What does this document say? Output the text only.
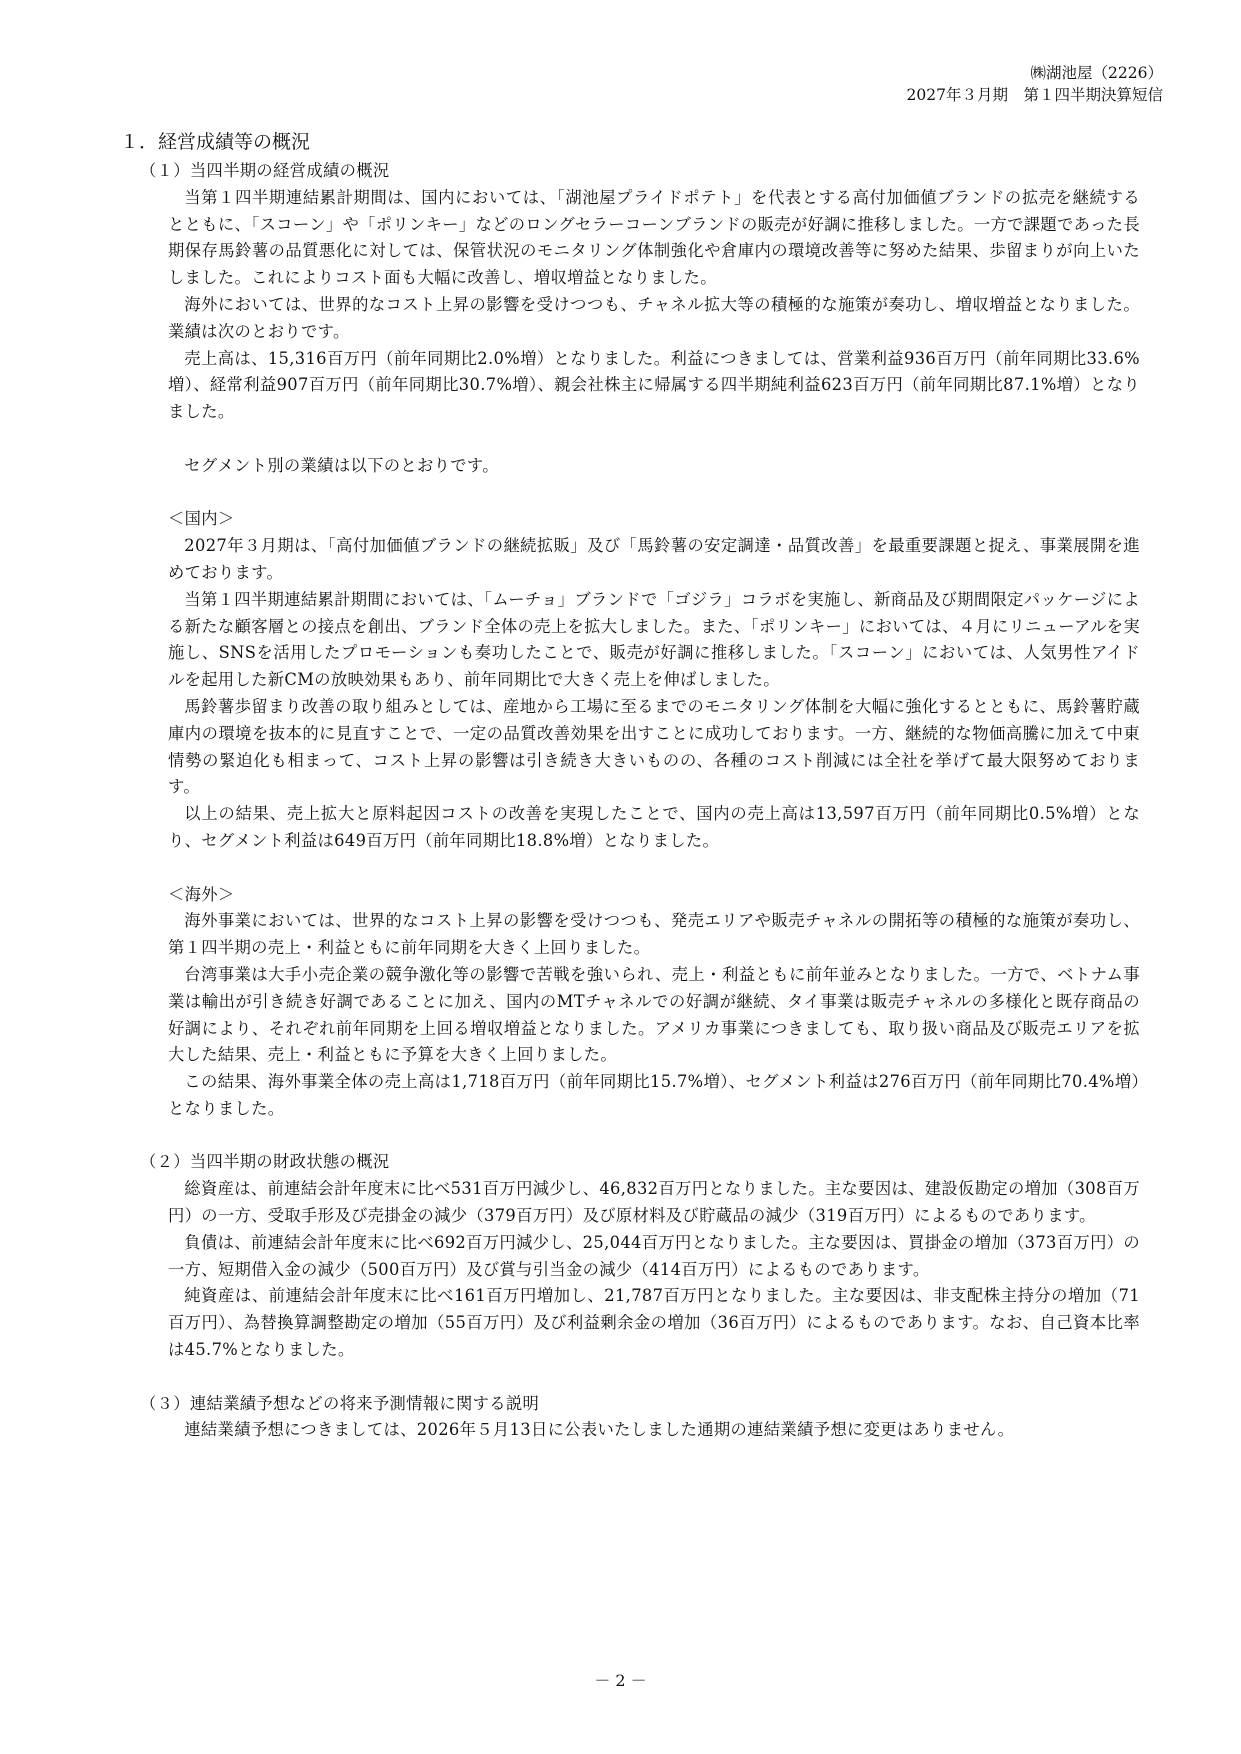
㈱湖池屋（2226）
2027年３月期　第１四半期決算短信
１．経営成績等の概況
（１）当四半期の経営成績の概況

当第１四半期連結累計期間は、国内においては、「湖池屋プライドポテト」を代表とする高付加価値ブランドの拡売を継続するとともに、「スコーン」や「ポリンキー」などのロングセラーコーンブランドの販売が好調に推移しました。一方で課題であった長期保存馬鈴薯の品質悪化に対しては、保管状況のモニタリング体制強化や倉庫内の環境改善等に努めた結果、歩留まりが向上いたしました。これによりコスト面も大幅に改善し、増収増益となりました。

海外においては、世界的なコスト上昇の影響を受けつつも、チャネル拡大等の積極的な施策が奏功し、増収増益となりました。業績は次のとおりです。

売上高は、15,316百万円（前年同期比2.0%増）となりました。利益につきましては、営業利益936百万円（前年同期比33.6%増）、経常利益907百万円（前年同期比30.7%増）、親会社株主に帰属する四半期純利益623百万円（前年同期比87.1%増）となりました。

セグメント別の業績は以下のとおりです。

＜国内＞

2027年３月期は、「高付加価値ブランドの継続拡販」及び「馬鈴薯の安定調達・品質改善」を最重要課題と捉え、事業展開を進めております。

当第１四半期連結累計期間においては、「ムーチョ」ブランドで「ゴジラ」コラボを実施し、新商品及び期間限定パッケージによる新たな顧客層との接点を創出、ブランド全体の売上を拡大しました。また、「ポリンキー」においては、４月にリニューアルを実施し、SNSを活用したプロモーションも奏功したことで、販売が好調に推移しました。「スコーン」においては、人気男性アイドルを起用した新CMの放映効果もあり、前年同期比で大きく売上を伸ばしました。

馬鈴薯歩留まり改善の取り組みとしては、産地から工場に至るまでのモニタリング体制を大幅に強化するとともに、馬鈴薯貯蔵庫内の環境を抜本的に見直すことで、一定の品質改善効果を出すことに成功しております。一方、継続的な物価高騰に加えて中東情勢の緊迫化も相まって、コスト上昇の影響は引き続き大きいものの、各種のコスト削減には全社を挙げて最大限努めております。

以上の結果、売上拡大と原料起因コストの改善を実現したことで、国内の売上高は13,597百万円（前年同期比0.5%増）となり、セグメント利益は649百万円（前年同期比18.8%増）となりました。

＜海外＞

海外事業においては、世界的なコスト上昇の影響を受けつつも、発売エリアや販売チャネルの開拓等の積極的な施策が奏功し、第１四半期の売上・利益ともに前年同期を大きく上回りました。

台湾事業は大手小売企業の競争激化等の影響で苦戦を強いられ、売上・利益ともに前年並みとなりました。一方で、ベトナム事業は輸出が引き続き好調であることに加え、国内のMTチャネルでの好調が継続、タイ事業は販売チャネルの多様化と既存商品の好調により、それぞれ前年同期を上回る増収増益となりました。アメリカ事業につきましても、取り扱い商品及び販売エリアを拡大した結果、売上・利益ともに予算を大きく上回りました。

この結果、海外事業全体の売上高は1,718百万円（前年同期比15.7%増）、セグメント利益は276百万円（前年同期比70.4%増）となりました。

（２）当四半期の財政状態の概況

総資産は、前連結会計年度末に比べ531百万円減少し、46,832百万円となりました。主な要因は、建設仮勘定の増加（308百万円）の一方、受取手形及び売掛金の減少（379百万円）及び原材料及び貯蔵品の減少（319百万円）によるものであります。

負債は、前連結会計年度末に比べ692百万円減少し、25,044百万円となりました。主な要因は、買掛金の増加（373百万円）の一方、短期借入金の減少（500百万円）及び賞与引当金の減少（414百万円）によるものであります。

純資産は、前連結会計年度末に比べ161百万円増加し、21,787百万円となりました。主な要因は、非支配株主持分の増加（71百万円）、為替換算調整勘定の増加（55百万円）及び利益剰余金の増加（36百万円）によるものであります。なお、自己資本比率は45.7%となりました。

（３）連結業績予想などの将来予測情報に関する説明

連結業績予想につきましては、2026年５月13日に公表いたしました通期の連結業績予想に変更はありません。

－ 2 －
